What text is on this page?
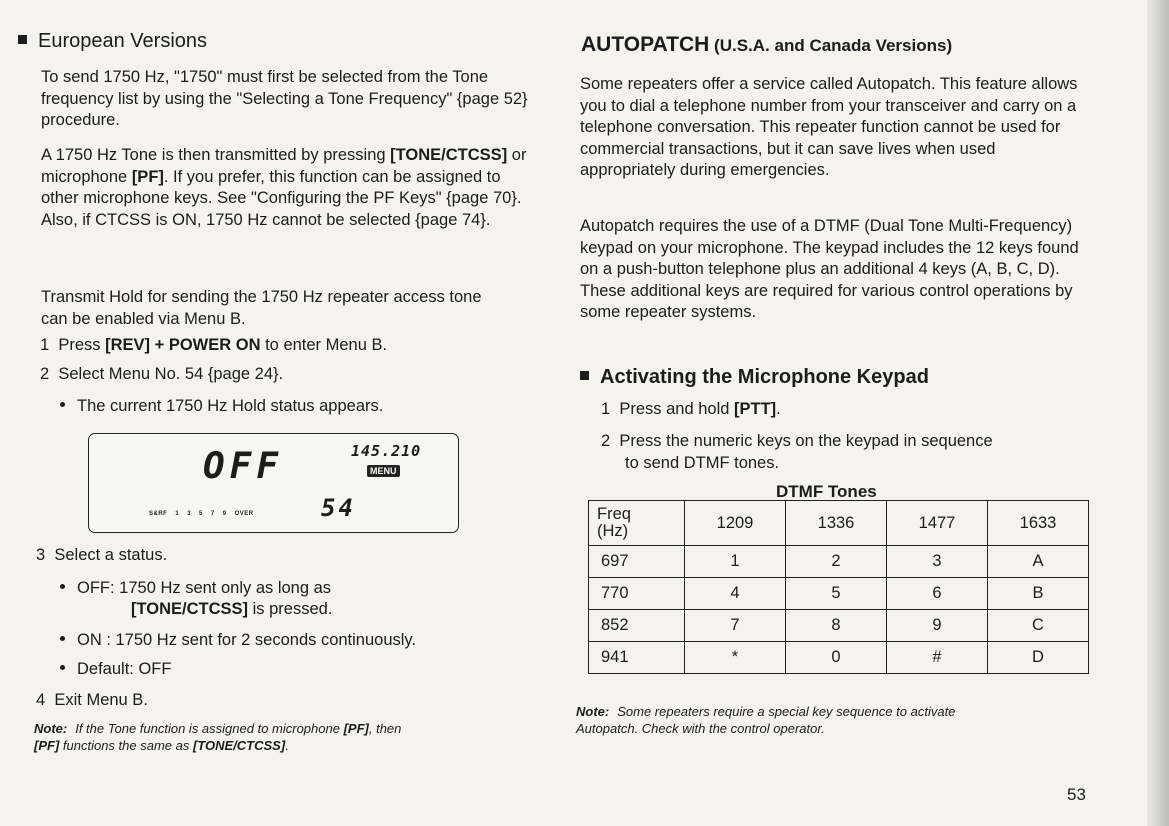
European Versions

To send 1750 Hz, "1750" must first be selected from the Tone frequency list by using the "Selecting a Tone Frequency" {page 52} procedure.

A 1750 Hz Tone is then transmitted by pressing [TONE/CTCSS] or microphone [PF]. If you prefer, this function can be assigned to other microphone keys. See "Configuring the PF Keys" {page 70}. Also, if CTCSS is ON, 1750 Hz cannot be selected {page 74}.

Transmit Hold for sending the 1750 Hz repeater access tone can be enabled via Menu B.

1 Press [REV] + POWER ON to enter Menu B.
2 Select Menu No. 54 {page 24}.
The current 1750 Hz Hold status appears.
3 Select a status.
OFF: 1750 Hz sent only as long as
[TONE/CTCSS] is pressed.
ON : 1750 Hz sent for 2 seconds continuously.
Default: OFF
4 Exit Menu B.
Note: If the Tone function is assigned to microphone [PF], then
[PF] functions the same as [TONE/CTCSS].
OFF	145.210
MENU
S&RF 1 3 5 7 9 OVER	54
AUTOPATCH (U.S.A. and Canada Versions)

Some repeaters offer a service called Autopatch. This feature allows you to dial a telephone number from your transceiver and carry on a telephone conversation. This repeater function cannot be used for commercial transactions, but it can save lives when used appropriately during emergencies.

Autopatch requires the use of a DTMF (Dual Tone Multi-Frequency) keypad on your microphone. The keypad includes the 12 keys found on a push-button telephone plus an additional 4 keys (A, B, C, D). These additional keys are required for various control operations by some repeater systems.

Activating the Microphone Keypad
1 Press and hold [PTT].
2 Press the numeric keys on the keypad in sequence
to send DTMF tones.
Note: Some repeaters require a special key sequence to activate
Autopatch. Check with the control operator.
DTMF Tones
Freq
(Hz)	1209	1336	1477	1633
697	1	2	3	A
770	4	5	6	B
852	7	8	9	C
941	*	0	#	D
53
